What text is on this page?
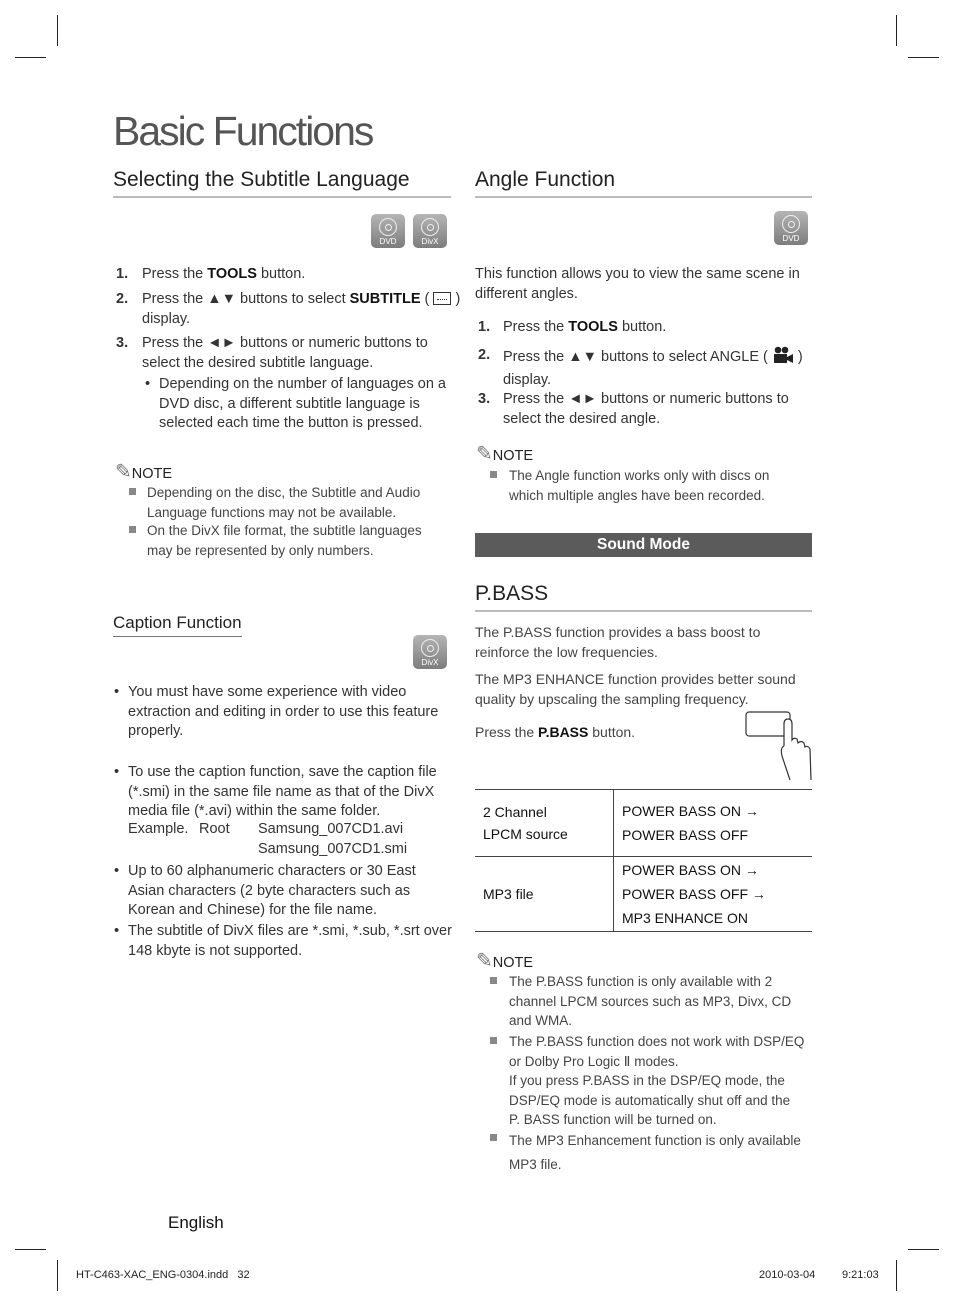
Basic Functions
Selecting the Subtitle Language
DVD	DivX
1. Press the TOOLS button.
2. Press the ▲▼ buttons to select SUBTITLE (
)
display.
3. Press the ◄► buttons or numeric buttons to
select the desired subtitle language.
• Depending on the number of languages on a
DVD disc, a different subtitle language is
selected each time the button is pressed.
✎NOTE
Depending on the disc, the Subtitle and Audio
Language functions may not be available.
On the DivX file format, the subtitle languages
may be represented by only numbers.
Caption Function
DivX
• You must have some experience with video
extraction and editing in order to use this feature
properly.
• To use the caption function, save the caption file
(*.smi) in the same file name as that of the DivX
media file (*.avi) within the same folder.
Example. Root Samsung_007CD1.avi
Samsung_007CD1.smi
• Up to 60 alphanumeric characters or 30 East
Asian characters (2 byte characters such as
Korean and Chinese) for the file name.
• The subtitle of DivX files are *.smi, *.sub, *.srt over
148 kbyte is not supported.
Angle Function
DVD
This function allows you to view the same scene in
different angles.
1. Press the TOOLS button.
2. Press the ▲▼ buttons to select ANGLE (  )
display.
3. Press the ◄► buttons or numeric buttons to
select the desired angle.
✎NOTE
The Angle function works only with discs on
which multiple angles have been recorded.
Sound Mode
P.BASS
The P.BASS function provides a bass boost to
reinforce the low frequencies.
The MP3 ENHANCE function provides better sound
quality by upscaling the sampling frequency.
Press the P.BASS button.
2 Channel
LPCM source	POWER BASS ON →
POWER BASS OFF
MP3 file	POWER BASS ON →
POWER BASS OFF →
MP3 ENHANCE ON
✎NOTE
The P.BASS function is only available with 2
channel LPCM sources such as MP3, Divx, CD
and WMA.
The P.BASS function does not work with DSP/EQ
or Dolby Pro Logic Ⅱ modes.
If you press P.BASS in the DSP/EQ mode, the
DSP/EQ mode is automatically shut off and the
P. BASS function will be turned on.
The MP3 Enhancement function is only available
MP3 file.
English
HT-C463-XAC_ENG-0304.indd   32	2010-03-04 9:21:03
